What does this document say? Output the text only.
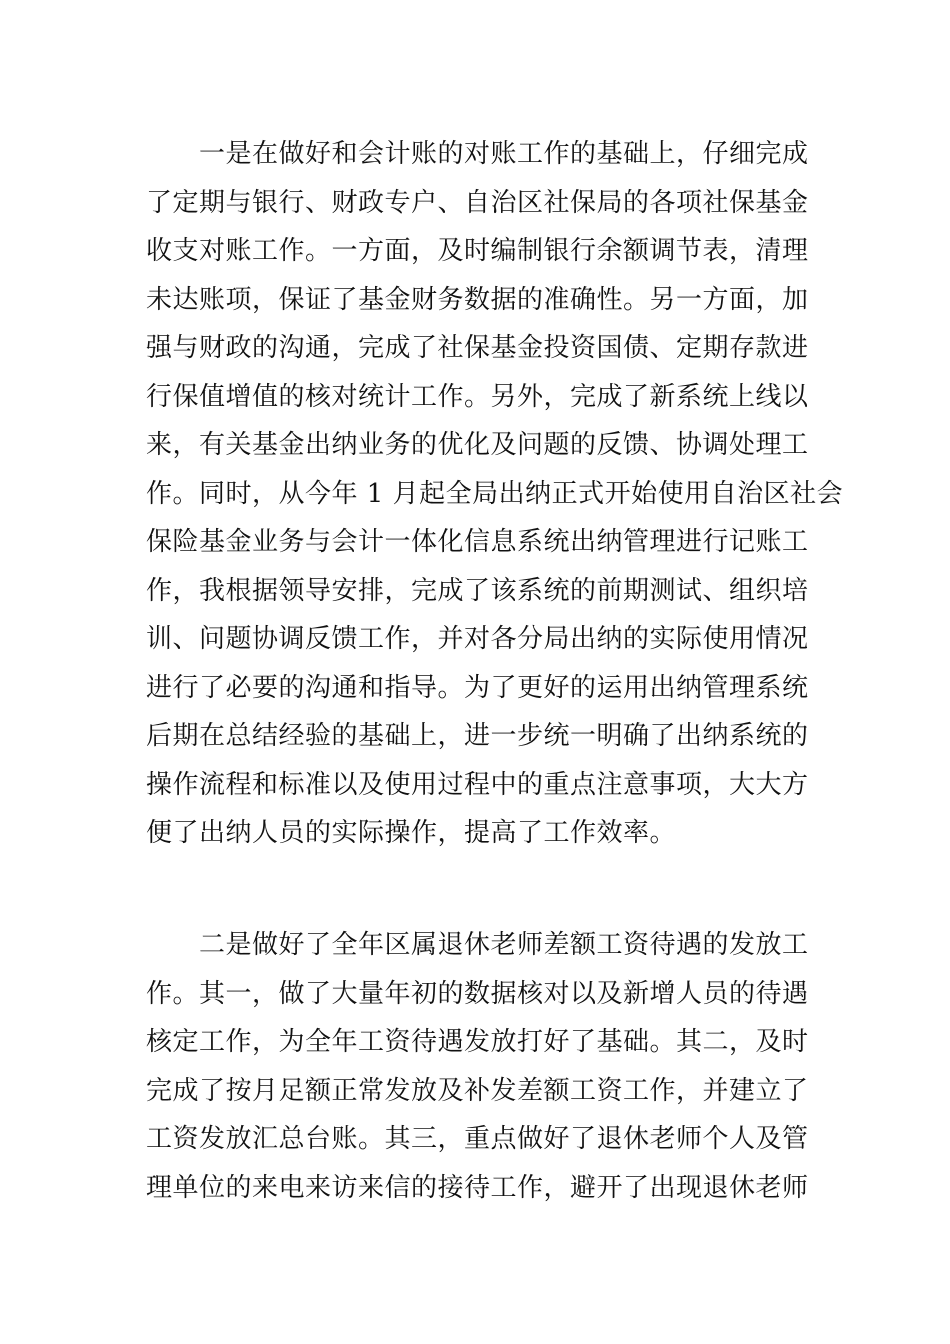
一是在做好和会计账的对账工作的基础上，仔细完成
了定期与银行、财政专户、自治区社保局的各项社保基金
收支对账工作。一方面，及时编制银行余额调节表，清理
未达账项，保证了基金财务数据的准确性。另一方面，加
强与财政的沟通，完成了社保基金投资国债、定期存款进
行保值增值的核对统计工作。另外，完成了新系统上线以
来，有关基金出纳业务的优化及问题的反馈、协调处理工
作。同时，从今年 1 月起全局出纳正式开始使用自治区社会
保险基金业务与会计一体化信息系统出纳管理进行记账工
作，我根据领导安排，完成了该系统的前期测试、组织培
训、问题协调反馈工作，并对各分局出纳的实际使用情况
进行了必要的沟通和指导。为了更好的运用出纳管理系统
后期在总结经验的基础上，进一步统一明确了出纳系统的
操作流程和标准以及使用过程中的重点注意事项，大大方
便了出纳人员的实际操作，提高了工作效率。
二是做好了全年区属退休老师差额工资待遇的发放工
作。其一，做了大量年初的数据核对以及新增人员的待遇
核定工作，为全年工资待遇发放打好了基础。其二，及时
完成了按月足额正常发放及补发差额工资工作，并建立了
工资发放汇总台账。其三，重点做好了退休老师个人及管
理单位的来电来访来信的接待工作，避开了出现退休老师
